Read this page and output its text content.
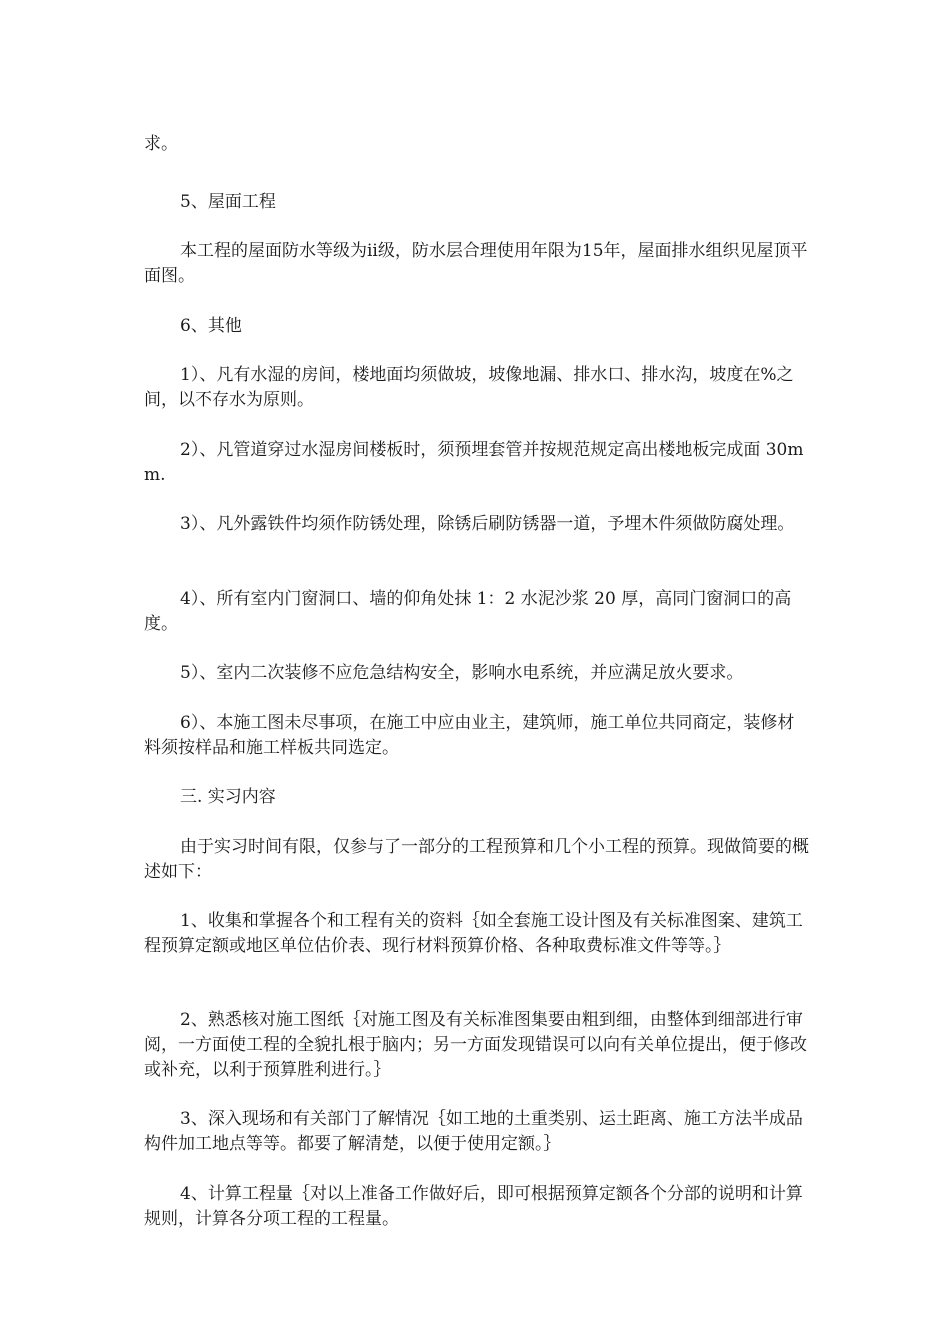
求。

5、屋面工程

本工程的屋面防水等级为ii级，防水层合理使用年限为15年，屋面排水组织见屋顶平面图。

6、其他

1）、凡有水湿的房间，楼地面均须做坡，坡像地漏、排水口、排水沟，坡度在%之间，以不存水为原则。

2）、凡管道穿过水湿房间楼板时，须预埋套管并按规范规定高出楼地板完成面 30mm.

3）、凡外露铁件均须作防锈处理，除锈后刷防锈器一道，予埋木件须做防腐处理。

4）、所有室内门窗洞口、墙的仰角处抹 1：2 水泥沙浆 20 厚，高同门窗洞口的高度。

5）、室内二次装修不应危急结构安全，影响水电系统，并应满足放火要求。

6）、本施工图未尽事项，在施工中应由业主，建筑师，施工单位共同商定，装修材料须按样品和施工样板共同选定。

三. 实习内容

由于实习时间有限，仅参与了一部分的工程预算和几个小工程的预算。现做简要的概述如下：

1、收集和掌握各个和工程有关的资料｛如全套施工设计图及有关标准图案、建筑工程预算定额或地区单位估价表、现行材料预算价格、各种取费标准文件等等。｝

2、熟悉核对施工图纸｛对施工图及有关标准图集要由粗到细，由整体到细部进行审阅，一方面使工程的全貌扎根于脑内；另一方面发现错误可以向有关单位提出，便于修改或补充，以利于预算胜利进行。｝

3、深入现场和有关部门了解情况｛如工地的土重类别、运土距离、施工方法半成品构件加工地点等等。都要了解清楚，以便于使用定额。｝

4、计算工程量｛对以上准备工作做好后，即可根据预算定额各个分部的说明和计算规则，计算各分项工程的工程量。
